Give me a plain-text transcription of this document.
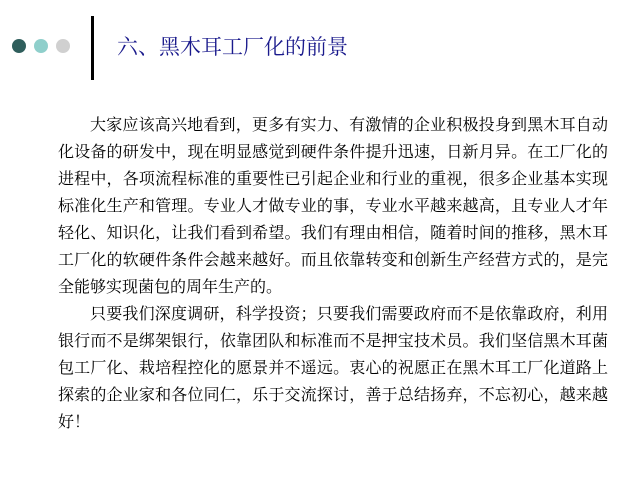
六、黑木耳工厂化的前景

大家应该高兴地看到，更多有实力、有激情的企业积极投身到黑木耳自动化设备的研发中，现在明显感觉到硬件条件提升迅速，日新月异。在工厂化的进程中，各项流程标准的重要性已引起企业和行业的重视，很多企业基本实现标准化生产和管理。专业人才做专业的事，专业水平越来越高，且专业人才年轻化、知识化，让我们看到希望。我们有理由相信，随着时间的推移，黑木耳工厂化的软硬件条件会越来越好。而且依靠转变和创新生产经营方式的，是完全能够实现菌包的周年生产的。

只要我们深度调研，科学投资；只要我们需要政府而不是依靠政府，利用银行而不是绑架银行，依靠团队和标准而不是押宝技术员。我们坚信黑木耳菌包工厂化、栽培程控化的愿景并不遥远。衷心的祝愿正在黑木耳工厂化道路上探索的企业家和各位同仁，乐于交流探讨，善于总结扬弃，不忘初心，越来越好！
